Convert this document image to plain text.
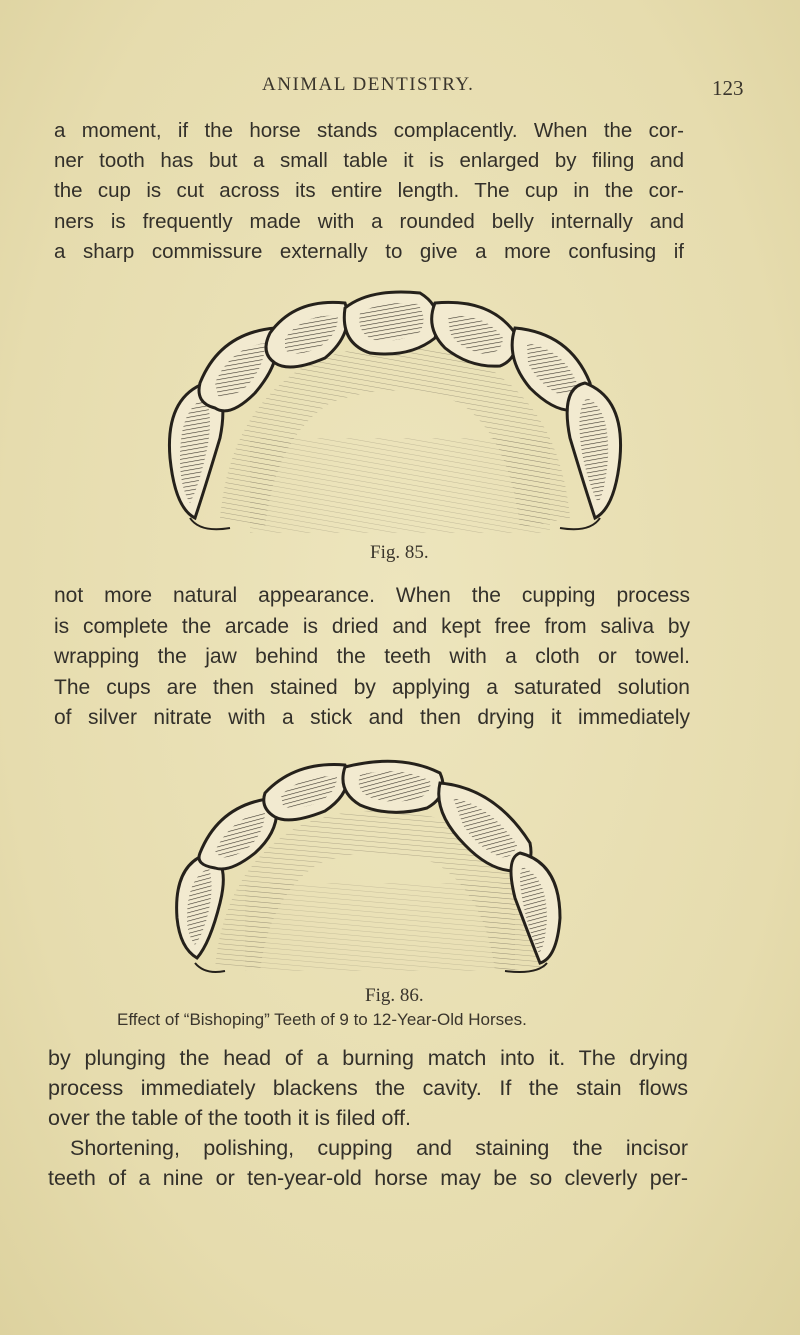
ANIMAL DENTISTRY.	123

a moment, if the horse stands complacently. When the cor-
ner tooth has but a small table it is enlarged by filing and
the cup is cut across its entire length. The cup in the cor-
ners is frequently made with a rounded belly internally and
a sharp commissure externally to give a more confusing if

Fig. 85.

not more natural appearance. When the cupping process
is complete the arcade is dried and kept free from saliva by
wrapping the jaw behind the teeth with a cloth or towel.
The cups are then stained by applying a saturated solution
of silver nitrate with a stick and then drying it immediately

Fig. 86.
Effect of “Bishoping” Teeth of 9 to 12-Year-Old Horses.

by plunging the head of a burning match into it. The drying
process immediately blackens the cavity. If the stain flows
over the table of the tooth it is filed off.
Shortening, polishing, cupping and staining the incisor
teeth of a nine or ten-year-old horse may be so cleverly per-
